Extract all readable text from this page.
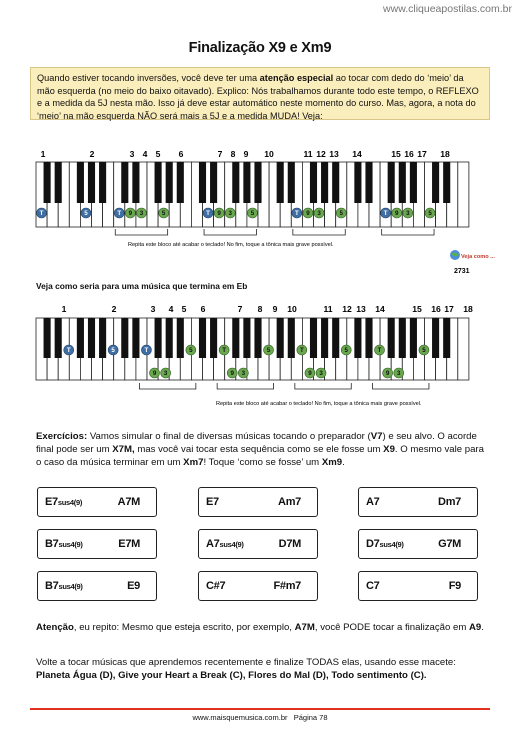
www.cliqueapostilas.com.br
Finalização X9 e Xm9
Quando estiver tocando inversões, você deve ter uma atenção especial ao tocar com dedo do ‘meio’ da mão esquerda (no meio do baixo oitavado). Explico: Nós trabalhamos durante todo este tempo, o REFLEXO e a medida da 5J nesta mão. Isso já deve estar automático neste momento do curso. Mas, agora, a nota do ‘meio’ na mão esquerda NÃO será mais a 5J e a medida MUDA! Veja:
1	2	3 4 5 6	7 8 9 10	11 12 13 14	15 16 17 18
T	5	T 9 3	5	T 9 3	5	T 9 3	5	T 9 3	5
Repita este bloco até acabar o teclado! No fim, toque a tônica mais grave possível.
Veja como ...
2731
Veja como seria para uma música que termina em Eb
1	2	3 4 5 6	7 8 9 10	11 12 13 14	15 16 17 18
T	5	T	5	T	5	T	5	T	5
9 3	9 3	9 3	9 3
Repita este bloco até acabar o teclado! No fim, toque a tônica mais grave possível.
Exercícios: Vamos simular o final de diversas músicas tocando o preparador (V7) e seu alvo. O acorde final pode ser um X7M, mas você vai tocar esta sequência como se ele fosse um X9. O mesmo vale para o caso da música terminar em um Xm7! Toque ‘como se fosse’ um Xm9.
E7sus4(9)	A7M	E7	Am7	A7	Dm7
B7sus4(9)	E7M	A7sus4(9)	D7M	D7sus4(9)	G7M
B7sus4(9)	E9	C#7	F#m7	C7	F9
Atenção, eu repito: Mesmo que esteja escrito, por exemplo, A7M, você PODE tocar a finalização em A9.
Volte a tocar músicas que aprendemos recentemente e finalize TODAS elas, usando esse macete:
Planeta Água (D), Give your Heart a Break (C), Flores do Mal (D), Todo sentimento (C).
www.maisquemusica.com.br Página 78
